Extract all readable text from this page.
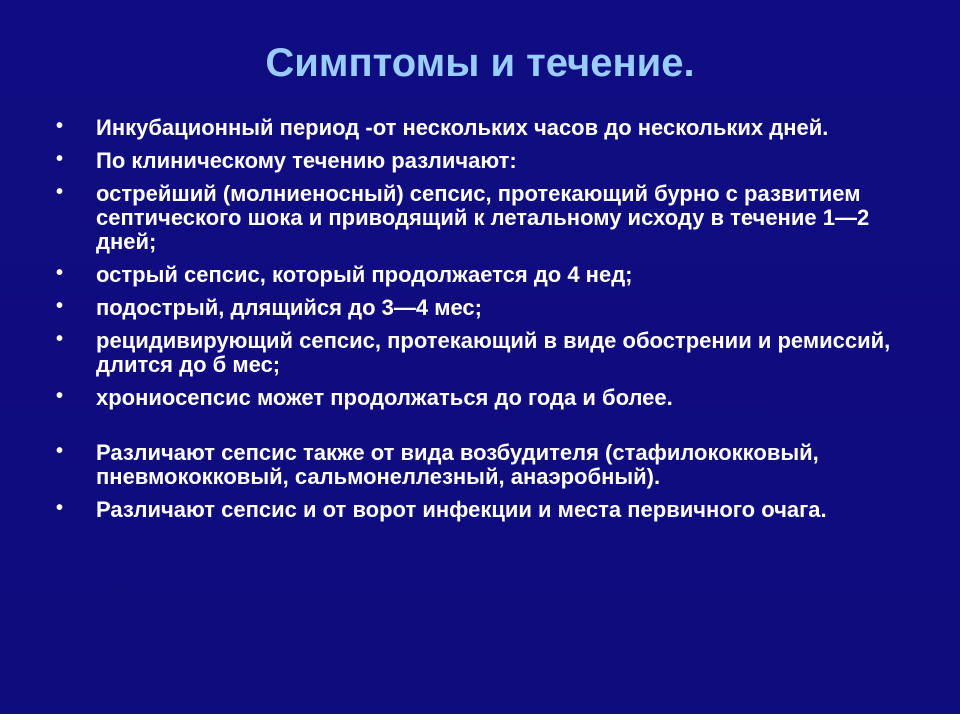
Симптомы и течение.
• Инкубационный период -от нескольких часов до нескольких дней.
• По клиническому течению различают:
• острейший (молниеносный) сепсис, протекающий бурно с развитием септического шока и приводящий к летальному исходу в течение 1—2 дней;
• острый сепсис, который продолжается до 4 нед;
• подострый, длящийся до 3—4 мес;
• рецидивирующий сепсис, протекающий в виде обострении и ремиссий, длится до б мес;
• хрониосепсис может продолжаться до года и более.
• Различают сепсис также от вида возбудителя (стафилококковый, пневмококковый, сальмонеллезный, анаэробный).
• Различают сепсис и от ворот инфекции и места первичного очага.
